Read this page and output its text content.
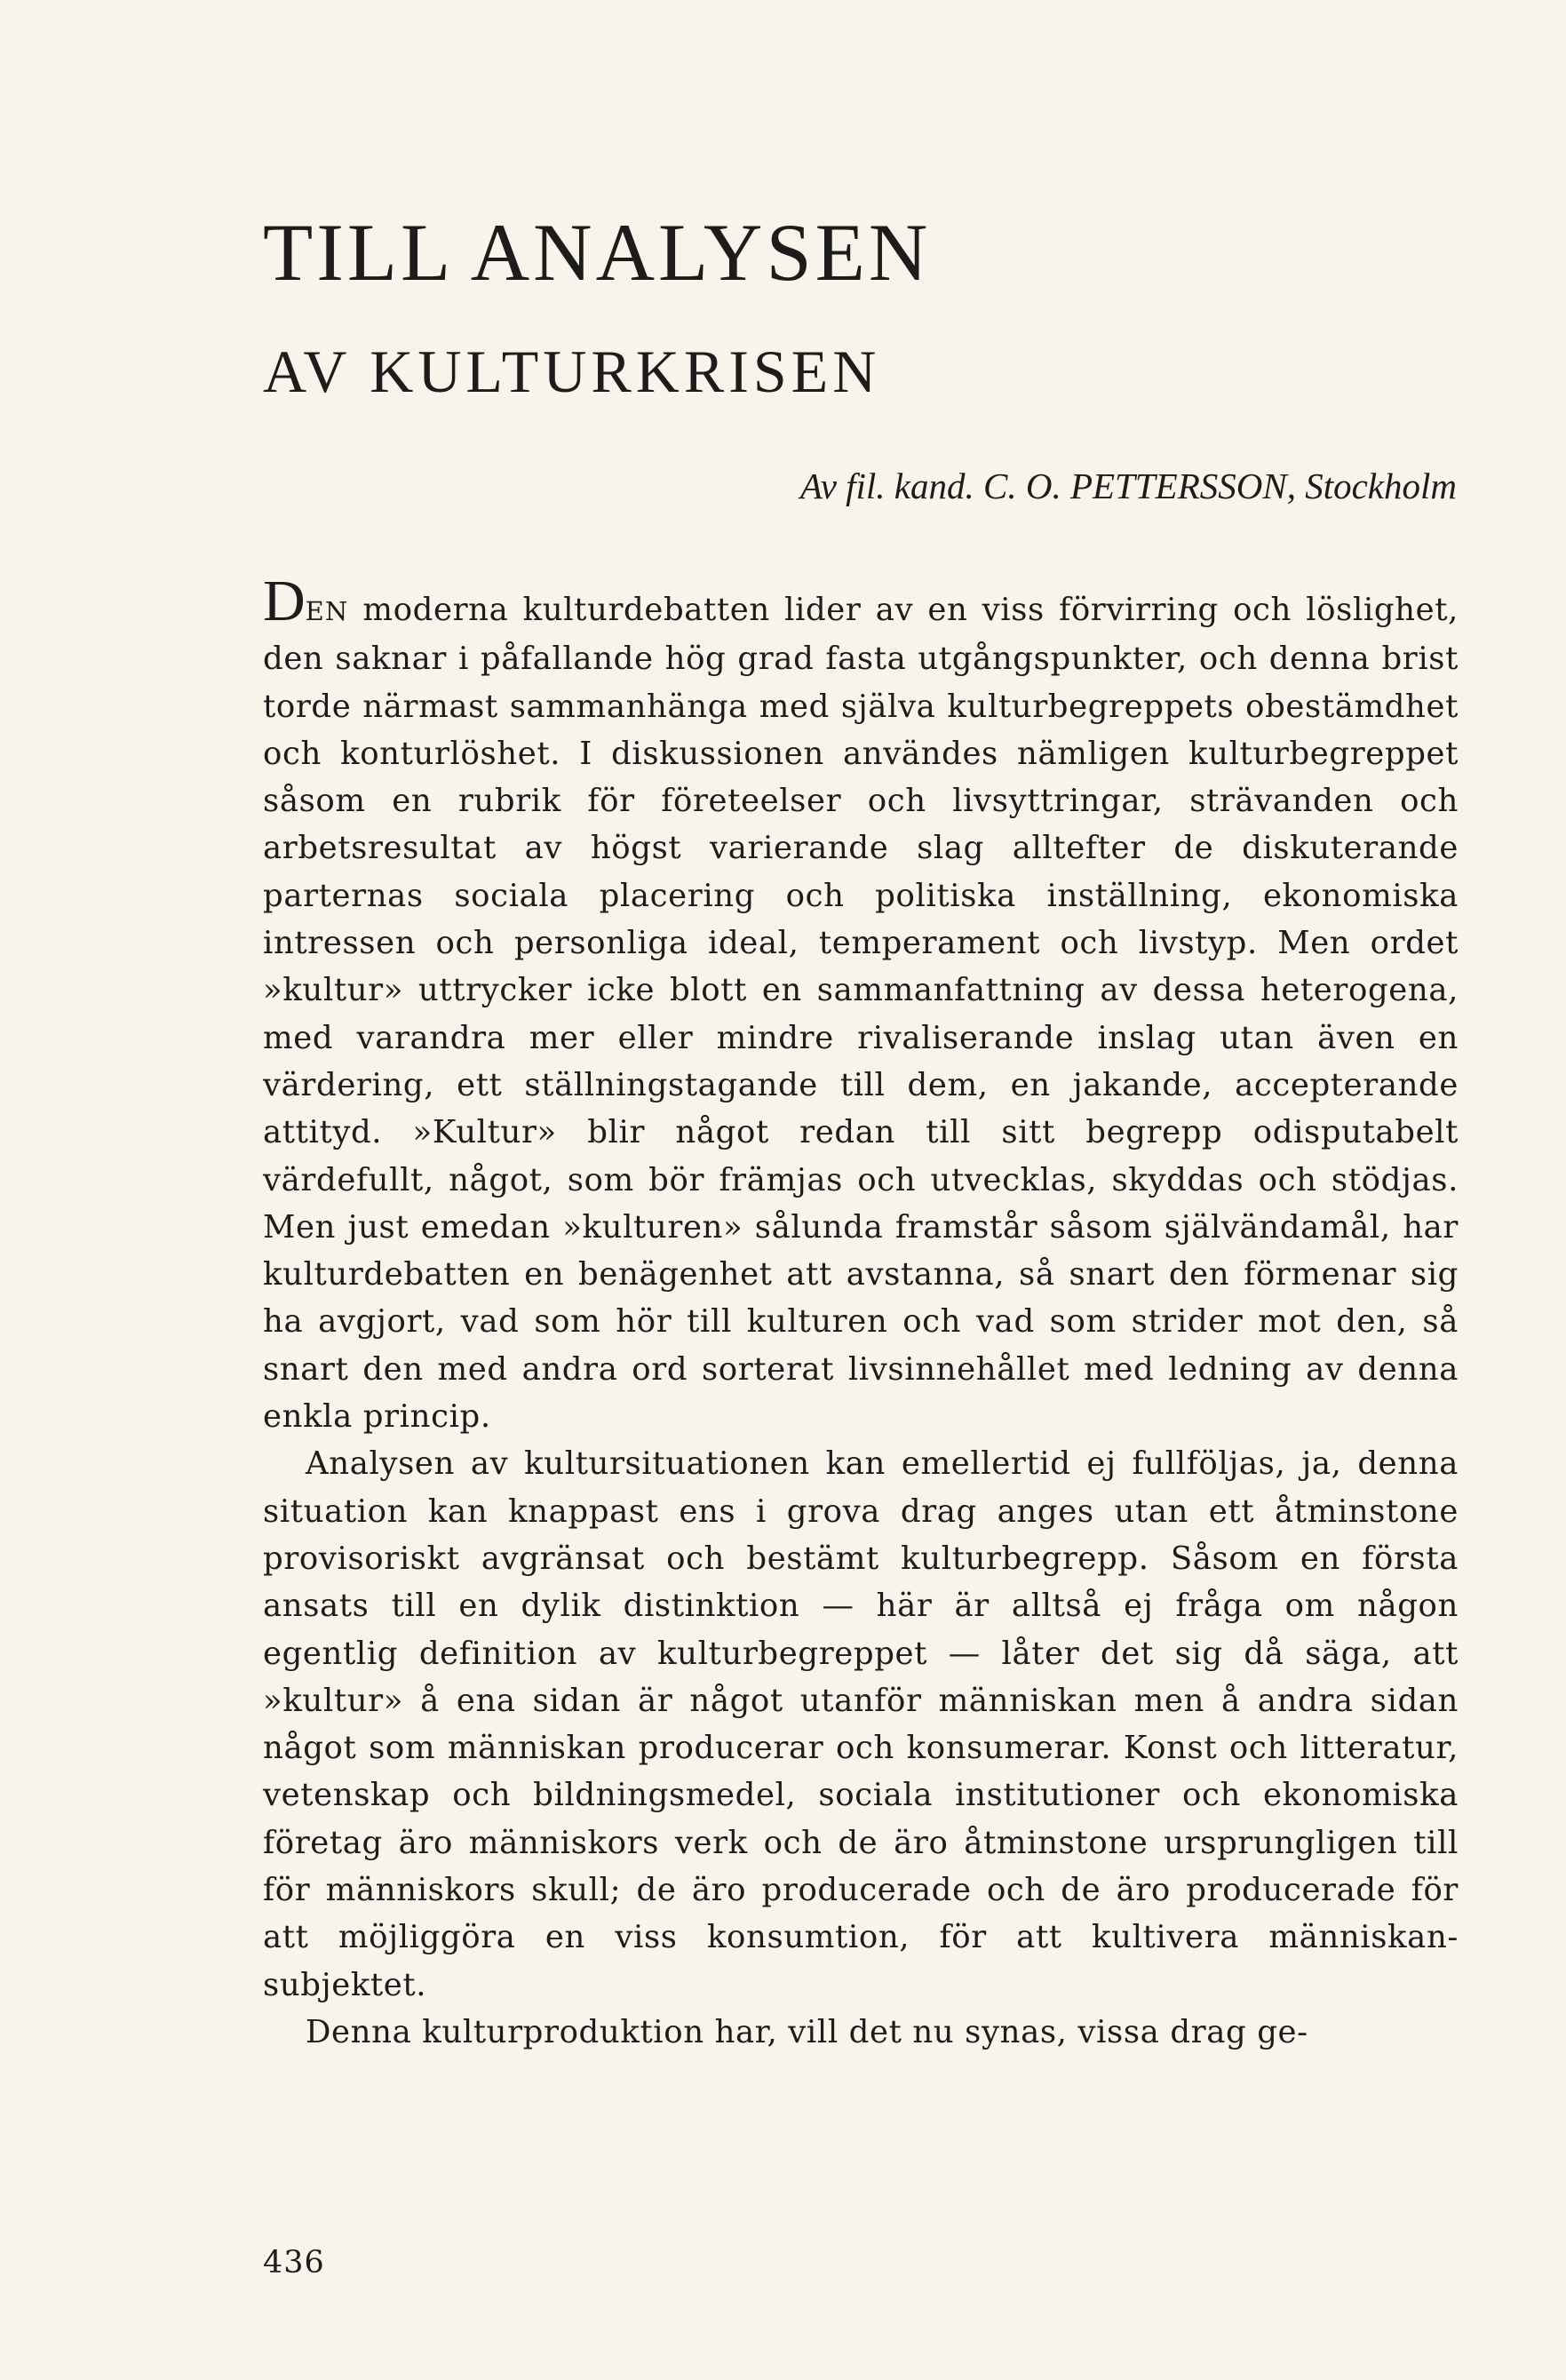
TILL ANALYSEN
AV KULTURKRISEN
Av fil. kand. C. O. PETTERSSON, Stockholm

DEN moderna kulturdebatten lider av en viss förvirring och löslighet, den saknar i påfallande hög grad fasta utgångspunkter, och denna brist torde närmast sammanhänga med själva kulturbegreppets obestämdhet och konturlöshet. I diskussionen användes nämligen kulturbegreppet såsom en rubrik för företeelser och livsyttringar, strävanden och arbetsresultat av högst varierande slag alltefter de diskuterande parternas sociala placering och politiska inställning, ekonomiska intressen och personliga ideal, temperament och livstyp. Men ordet »kultur» uttrycker icke blott en sammanfattning av dessa heterogena, med varandra mer eller mindre rivaliserande inslag utan även en värdering, ett ställningstagande till dem, en jakande, accepterande attityd. »Kultur» blir något redan till sitt begrepp odisputabelt värdefullt, något, som bör främjas och utvecklas, skyddas och stödjas. Men just emedan »kulturen» sålunda framstår såsom självändamål, har kulturdebatten en benägenhet att avstanna, så snart den förmenar sig ha avgjort, vad som hör till kulturen och vad som strider mot den, så snart den med andra ord sorterat livsinnehållet med ledning av denna enkla princip.

Analysen av kultursituationen kan emellertid ej fullföljas, ja, denna situation kan knappast ens i grova drag anges utan ett åtminstone provisoriskt avgränsat och bestämt kulturbegrepp. Såsom en första ansats till en dylik distinktion — här är alltså ej fråga om någon egentlig definition av kulturbegreppet — låter det sig då säga, att »kultur» å ena sidan är något utanför människan men å andra sidan något som människan producerar och konsumerar. Konst och litteratur, vetenskap och bildningsmedel, sociala institutioner och ekonomiska företag äro människors verk och de äro åtminstone ursprungligen till för människors skull; de äro producerade och de äro producerade för att möjliggöra en viss konsumtion, för att kultivera människan-subjektet.

Denna kulturproduktion har, vill det nu synas, vissa drag ge-

436
